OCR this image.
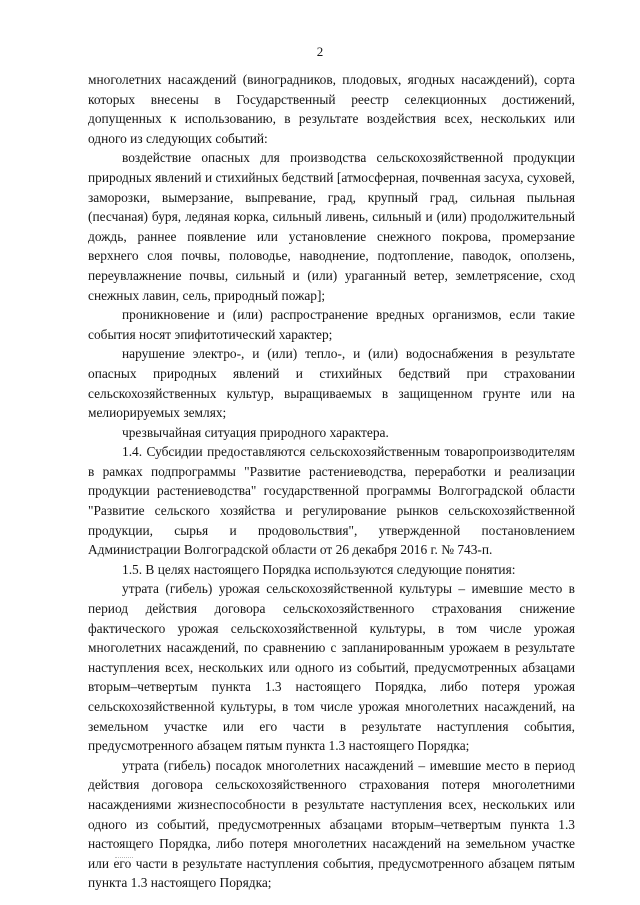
2

многолетних насаждений (виноградников, плодовых, ягодных насаждений), сорта которых внесены в Государственный реестр селекционных достижений, допущенных к использованию, в результате воздействия всех, нескольких или одного из следующих событий:

воздействие опасных для производства сельскохозяйственной продукции природных явлений и стихийных бедствий [атмосферная, почвенная засуха, суховей, заморозки, вымерзание, выпревание, град, крупный град, сильная пыльная (песчаная) буря, ледяная корка, сильный ливень, сильный и (или) продолжительный дождь, раннее появление или установление снежного покрова, промерзание верхнего слоя почвы, половодье, наводнение, подтопление, паводок, оползень, переувлажнение почвы, сильный и (или) ураганный ветер, землетрясение, сход снежных лавин, сель, природный пожар];

проникновение и (или) распространение вредных организмов, если такие события носят эпифитотический характер;

нарушение электро-, и (или) тепло-, и (или) водоснабжения в результате опасных природных явлений и стихийных бедствий при страховании сельскохозяйственных культур, выращиваемых в защищенном грунте или на мелиорируемых землях;

чрезвычайная ситуация природного характера.

1.4. Субсидии предоставляются сельскохозяйственным товаропроизводителям в рамках подпрограммы "Развитие растениеводства, переработки и реализации продукции растениеводства" государственной программы Волгоградской области "Развитие сельского хозяйства и регулирование рынков сельскохозяйственной продукции, сырья и продовольствия", утвержденной постановлением Администрации Волгоградской области от 26 декабря 2016 г. № 743-п.

1.5. В целях настоящего Порядка используются следующие понятия:

утрата (гибель) урожая сельскохозяйственной культуры – имевшие место в период действия договора сельскохозяйственного страхования снижение фактического урожая сельскохозяйственной культуры, в том числе урожая многолетних насаждений, по сравнению с запланированным урожаем в результате наступления всех, нескольких или одного из событий, предусмотренных абзацами вторым–четвертым пункта 1.3 настоящего Порядка, либо потеря урожая сельскохозяйственной культуры, в том числе урожая многолетних насаждений, на земельном участке или его части в результате наступления события, предусмотренного абзацем пятым пункта 1.3 настоящего Порядка;

утрата (гибель) посадок многолетних насаждений – имевшие место в период действия договора сельскохозяйственного страхования потеря многолетними насаждениями жизнеспособности в результате наступления всех, нескольких или одного из событий, предусмотренных абзацами вторым–четвертым пункта 1.3 настоящего Порядка, либо потеря многолетних насаждений на земельном участке или его части в результате наступления события, предусмотренного абзацем пятым пункта 1.3 настоящего Порядка;
